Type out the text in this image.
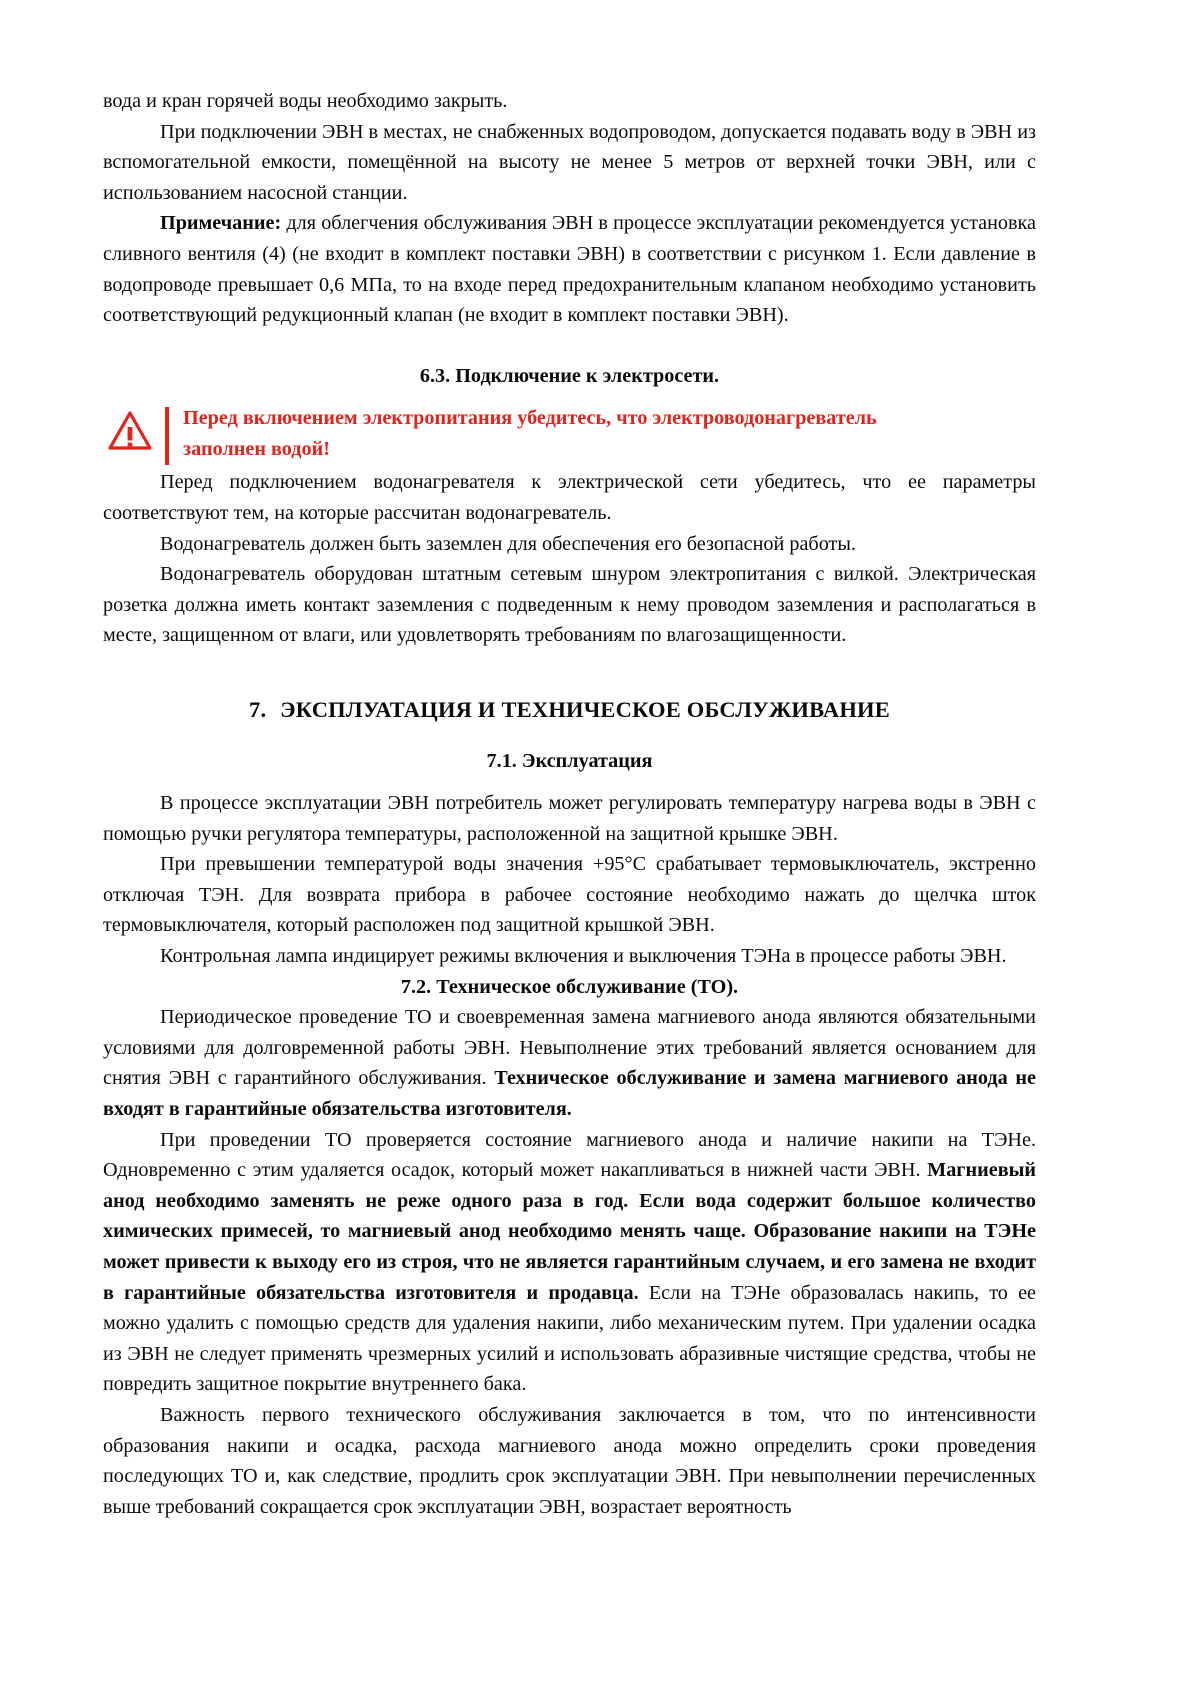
вода и кран горячей воды необходимо закрыть.

При подключении ЭВН в местах, не снабженных водопроводом, допускается подавать воду в ЭВН из вспомогательной емкости, помещённой на высоту не менее 5 метров от верхней точки ЭВН, или с использованием насосной станции.

Примечание: для облегчения обслуживания ЭВН в процессе эксплуатации рекомендуется установка сливного вентиля (4) (не входит в комплект поставки ЭВН) в соответствии с рисунком 1. Если давление в водопроводе превышает 0,6 МПа, то на входе перед предохранительным клапаном необходимо установить соответствующий редукционный клапан (не входит в комплект поставки ЭВН).

6.3. Подключение к электросети.

Перед включением электропитания убедитесь, что электроводонагреватель
заполнен водой!

Перед подключением водонагревателя к электрической сети убедитесь, что ее параметры соответствуют тем, на которые рассчитан водонагреватель.

Водонагреватель должен быть заземлен для обеспечения его безопасной работы.

Водонагреватель оборудован штатным сетевым шнуром электропитания с вилкой. Электрическая розетка должна иметь контакт заземления с подведенным к нему проводом заземления и располагаться в месте, защищенном от влаги, или удовлетворять требованиям по влагозащищенности.

7. ЭКСПЛУАТАЦИЯ И ТЕХНИЧЕСКОЕ ОБСЛУЖИВАНИЕ

7.1. Эксплуатация

В процессе эксплуатации ЭВН потребитель может регулировать температуру нагрева воды в ЭВН с помощью ручки регулятора температуры, расположенной на защитной крышке ЭВН.

При превышении температурой воды значения +95°С срабатывает термовыключатель, экстренно отключая ТЭН. Для возврата прибора в рабочее состояние необходимо нажать до щелчка шток термовыключателя, который расположен под защитной крышкой ЭВН.

Контрольная лампа индицирует режимы включения и выключения ТЭНа в процессе работы ЭВН.

7.2. Техническое обслуживание (ТО).

Периодическое проведение ТО и своевременная замена магниевого анода являются обязательными условиями для долговременной работы ЭВН. Невыполнение этих требований является основанием для снятия ЭВН с гарантийного обслуживания. Техническое обслуживание и замена магниевого анода не входят в гарантийные обязательства изготовителя.

При проведении ТО проверяется состояние магниевого анода и наличие накипи на ТЭНе. Одновременно с этим удаляется осадок, который может накапливаться в нижней части ЭВН. Магниевый анод необходимо заменять не реже одного раза в год. Если вода содержит большое количество химических примесей, то магниевый анод необходимо менять чаще. Образование накипи на ТЭНе может привести к выходу его из строя, что не является гарантийным случаем, и его замена не входит в гарантийные обязательства изготовителя и продавца. Если на ТЭНе образовалась накипь, то ее можно удалить с помощью средств для удаления накипи, либо механическим путем. При удалении осадка из ЭВН не следует применять чрезмерных усилий и использовать абразивные чистящие средства, чтобы не повредить защитное покрытие внутреннего бака.

Важность первого технического обслуживания заключается в том, что по интенсивности образования накипи и осадка, расхода магниевого анода можно определить сроки проведения последующих ТО и, как следствие, продлить срок эксплуатации ЭВН. При невыполнении перечисленных выше требований сокращается срок эксплуатации ЭВН, возрастает вероятность
